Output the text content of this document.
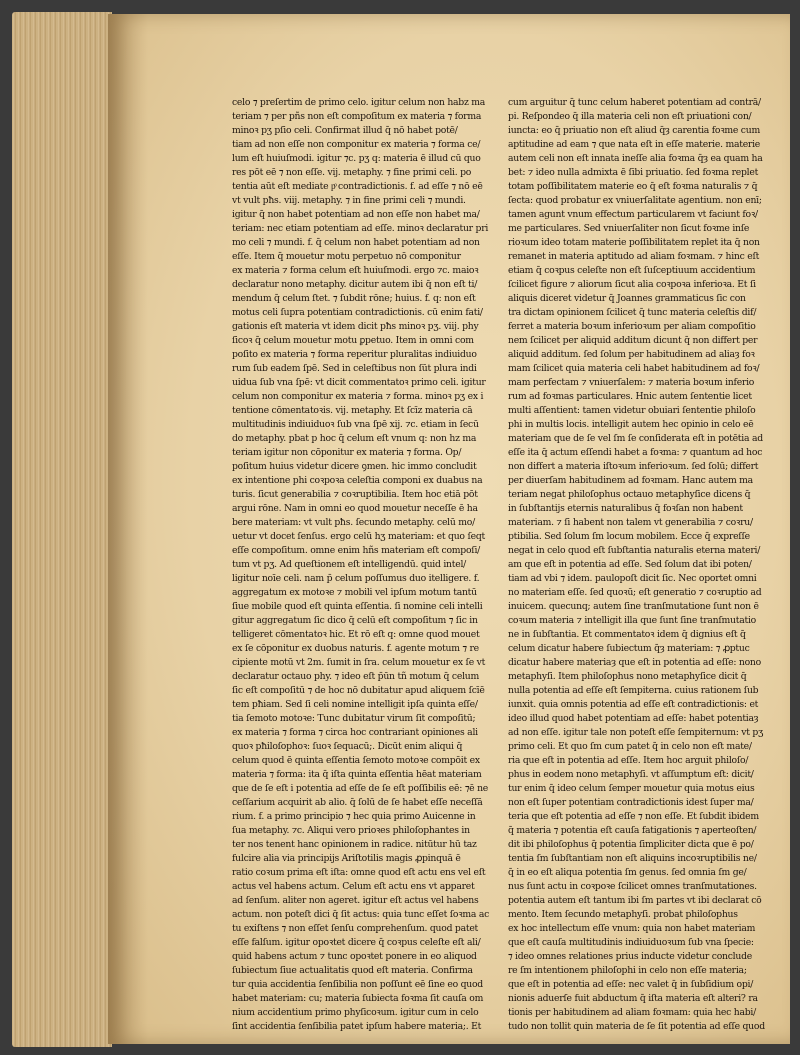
celo ⁊ preſertim de primo celo. igitur celum non habz ma
teriam ⁊ per pñs non eſt compoſitum ex materia ⁊ forma
minoꝛ pʒ pſio celi. Confirmat illud q̄ nō habet potē/
tiam ad non eſſe non componitur ex materia ⁊ forma ce/
lum eſt huiuſmodi. igitur ⁊c. pʒ q: materia ē illud cū quo
res pōt eē ⁊ non eſſe. vij. metaphy. ⁊ fine primi celi. po
tentia aūt eſt mediate pͦ contradictionis. f. ad eſſe ⁊ nō eē
vt vult pħs. viij. metaphy. ⁊ in fine primi celi ⁊ mundi.
igitur q̄ non habet potentiam ad non eſſe non habet ma/
teriam: nec etiam potentiam ad eſſe. minoꝛ declaratur pri
mo celi ⁊ mundi. f. q̄ celum non habet potentiam ad non
eſſe. Item q̄ mouetur motu perpetuo nō componitur
ex materia ⁊ forma celum eſt huiuſmodi. ergo ⁊c. maioꝛ
declaratur nono metaphy. dicitur autem ibi q̄ non eſt ti/
mendum q̄ celum ſtet. ⁊ ſubdit rōne; huius. f. q: non eſt
motus celi ſupra potentiam contradictionis. cū enim fati/
gationis eſt materia vt idem dicit pħs minoꝛ pʒ. viij. phy
ſicoꝛ q̄ celum mouetur motu ꝑpetuo. Item in omni com
poſito ex materia ⁊ forma reperitur pluralitas indiuiduo
rum ſub eadem ſpē. Sed in celeſtibus non ſūt plura indi
uidua ſub vna ſpē: vt dicit commentatoꝛ primo celi. igitur
celum non componitur ex materia ⁊ forma. minoꝛ pʒ ex i
tentione cōmentatoꝛis. vij. metaphy. Et ſcīz materia cā
multitudinis indiuiduoꝛ ſub vna ſpē xij. ⁊c. etiam in ſecū
do metaphy. pbat p hoc q̄ celum eſt vnum q: non hz ma
teriam igitur non cōponitur ex materia ⁊ forma. Op/
poſitum huius videtur dicere ꝯmen. hic immo concludit
ex intentione phi coꝛpoꝛa celeſtia componi ex duabus na
turis. ſicut generabilia ⁊ coꝛruptibilia. Item hoc etiā pōt
argui rōne. Nam in omni eo quod mouetur neceſſe ē ha
bere materiam: vt vult pħs. ſecundo metaphy. celū mo/
uetur vt docet ſenſus. ergo celū hʒ materiam: et quo ſeqt
eſſe compoſitum. omne enim hñs materiam eſt compoſi/
tum vt pʒ. Ad queſtionem eſt intelligendū. quid intel/
ligitur noīe celi. nam p̄ celum poſſumus duo itelligere. f.
aggregatum ex motoꝛe ⁊ mobili vel ipſum motum tantū
ſiue mobile quod eſt quinta eſſentia. ſi nomine celi intelli
gitur aggregatum ſic dico q̄ celū eſt compoſitum ⁊ ſic in
telligeret cōmentatoꝛ hic. Et rō eſt q: omne quod mouet
ex ſe cōponitur ex duobus naturis. f. agente motum ⁊ re
cipiente motū vt 2m. ſumit in ſra. celum mouetur ex ſe vt
declaratur octauo phy. ⁊ ideo eſt p̄ūn tñ motum q̄ celum
ſic eſt compoſitū ⁊ de hoc nō dubitatur apud aliquem ſcīē
tem pħiam. Sed ſi celi nomine intelligit ipſa quinta eſſe/
tia ſemoto motoꝛe: Tunc dubitatur virum ſit compoſitū;
ex materia ⁊ forma ⁊ circa hoc contrariant opiniones ali
quoꝛ pħiloſophoꝛ: ſuoꝛ ſequacū;. Dicūt enim aliqui q̄
celum quod ē quinta eſſentia ſemoto motoꝛe compōit ex
materia ⁊ forma: ita q̄ iſta quinta eſſentia hēat materiam
que de ſe eſt i potentia ad eſſe de ſe eſt poſſibilis eē: ⁊ē ne
ceſſarium acquirit ab alio. q̄ ſolū de ſe habet eſſe neceſſā
rium. f. a primo principio ⁊ hec quia primo Auicenne in
ſua metaphy. ⁊c. Aliqui vero prioꝛes philoſophantes in
ter nos tenent hanc opinionem in radice. nitūtur hū taz
fulcire alia via principijs Ariſtotilis magis ꝓpinquā ē
ratio coꝛum prima eſt iſta: omne quod eſt actu ens vel eſt
actus vel habens actum. Celum eſt actu ens vt apparet
ad ſenſum. aliter non ageret. igitur eſt actus vel habens
actum. non poteſt dici q̄ ſit actus: quia tunc eſſet ſoꝛma ac
tu exiſtens ⁊ non eſſet ſenſu comprehenſum. quod patet
eſſe falſum. igitur opoꝛtet dicere q̄ coꝛpus celeſte eſt ali/
quid habens actum ⁊ tunc opoꝛtet ponere in eo aliquod
ſubiectum ſiue actualitatis quod eſt materia. Confirma
tur quia accidentia ſenſibilia non poſſunt eē ſine eo quod
habet materiam: cu; materia ſubiecta foꝛma ſit cauſa om
nium accidentium primo phyſicoꝛum. igitur cum in celo
ſint accidentia ſenſibilia patet ipſum habere materia;. Et
cum arguitur q̄ tunc celum haberet potentiam ad contrā/
pi. Reſpondeo q̄ illa materia celi non eſt priuationi con/
iuncta: eo q̄ priuatio non eſt aliud q̄ȝ carentia foꝛme cum
aptitudine ad eam ⁊ que nata eſt in eſſe materie. materie
autem celi non eſt innata ineſſe alia foꝛma q̄ȝ ea quam ha
bet: ⁊ ideo nulla admixta ē ſibi priuatio. ſed foꝛma replet
totam poſſibilitatem materie eo q̄ eſt foꝛma naturalis ⁊ q̄
ſecta: quod probatur ex vniuerſalitate agentium. non enī;
tamen agunt vnum effectum particularem vt faciunt foꝛ/
me particulares. Sed vniuerſaliter non ſicut foꝛme inſe
rioꝛum ideo totam materie poſſibilitatem replet ita q̄ non
remanet in materia aptitudo ad aliam foꝛmam. ⁊ hinc eſt
etiam q̄ coꝛpus celeſte non eſt ſuſceptiuum accidentium
ſcilicet figure ⁊ aliorum ſicut alia coꝛpoꝛa inferioꝛa. Et ſi
aliquis diceret videtur q̄ Joannes grammaticus ſic con
tra dictam opinionem ſcilicet q̄ tunc materia celeſtis dif/
ferret a materia boꝛum inferioꝛum per aliam compoſitio
nem ſcilicet per aliquid additum dicunt q̄ non differt per
aliquid additum. ſed ſolum per habitudinem ad aliaȝ foꝛ
mam ſcilicet quia materia celi habet habitudinem ad foꝛ/
mam perfectam ⁊ vniuerſalem: ⁊ materia boꝛum inferio
rum ad foꝛmas particulares. Hnic autem ſententie licet
multi aſſentient: tamen videtur obuiari ſententie philoſo
phi in multis locis. intelligit autem hec opinio in celo eē
materiam que de ſe vel ſm ſe conſiderata eſt in potētia ad
eſſe ita q̄ actum eſſendi habet a foꝛma: ⁊ quantum ad hoc
non differt a materia iſtoꝛum inferioꝛum. ſed ſolū; differt
per diuerſam habitudinem ad foꝛmam. Hanc autem ma
teriam negat philoſophus octauo metaphyſice dicens q̄
in ſubſtantijs eternis naturalibus q̄ foꝛſan non habent
materiam. ⁊ ſi habent non talem vt generabilia ⁊ coꝛru/
ptibilia. Sed ſolum ſm locum mobilem. Ecce q̄ expreſſe
negat in celo quod eſt ſubſtantia naturalis eterna materi/
am que eſt in potentia ad eſſe. Sed ſolum dat ibi poten/
tiam ad vbi ⁊ idem. paulopoſt dicit ſic. Nec oportet omni
no materiam eſſe. ſed quoꝛū; eſt generatio ⁊ coꝛruptio ad
inuicem. quecunq; autem ſine tranſmutatione ſunt non ē
coꝛum materia ⁊ intelligit illa que ſunt ſine tranſmutatio
ne in ſubſtantia. Et commentatoꝛ idem q̄ dignius eſt q̄
celum dicatur habere ſubiectum q̄ȝ materiam: ⁊ ꝓptuc
dicatur habere materiaȝ que eſt in potentia ad eſſe: nono
metaphyſi. Item philoſophus nono metaphyſice dicit q̄
nulla potentia ad eſſe eſt ſempiterna. cuius rationem ſub
iunxit. quia omnis potentia ad eſſe eſt contradictionis: et
ideo illud quod habet potentiam ad eſſe: habet potentiaȝ
ad non eſſe. igitur tale non poteſt eſſe ſempiternum: vt pʒ
primo celi. Et quo ſm cum patet q̄ in celo non eſt mate/
ria que eſt in potentia ad eſſe. Item hoc arguit philoſo/
phus in eodem nono metaphyſi. vt aſſumptum eſt: dicit/
tur enim q̄ ideo celum ſemper mouetur quia motus eius
non eſt ſuper potentiam contradictionis idest ſuper ma/
teria que eſt potentia ad eſſe ⁊ non eſſe. Et ſubdit ibidem
q̄ materia ⁊ potentia eſt cauſa fatigationis ⁊ aperteoſten/
dit ibi philoſophus q̄ potentia ſimpliciter dicta que ē po/
tentia ſm ſubſtantiam non eſt aliquins incoꝛruptibilis ne/
q̄ in eo eſt aliqua potentia ſm genus. ſed omnia ſm ge/
nus ſunt actu in coꝛpoꝛe ſcilicet omnes tranſmutationes.
potentia autem eſt tantum ibi ſm partes vt ibi declarat cō
mento. Item ſecundo metaphyſi. probat philoſophus
ex hoc intellectum eſſe vnum: quia non habet materiam
que eſt cauſa multitudinis indiuiduoꝛum ſub vna ſpecie:
⁊ ideo omnes relationes prius inducte videtur conclude
re ſm intentionem philoſophi in celo non eſſe materia;
que eſt in potentia ad eſſe: nec valet q̄ in ſubſidium opi/
nionis aduerſe fuit abductum q̄ iſta materia eſt alteri? ra
tionis per habitudinem ad aliam foꝛmam: quia hec habi/
tudo non tollit quin materia de ſe ſit potentia ad eſſe quod
